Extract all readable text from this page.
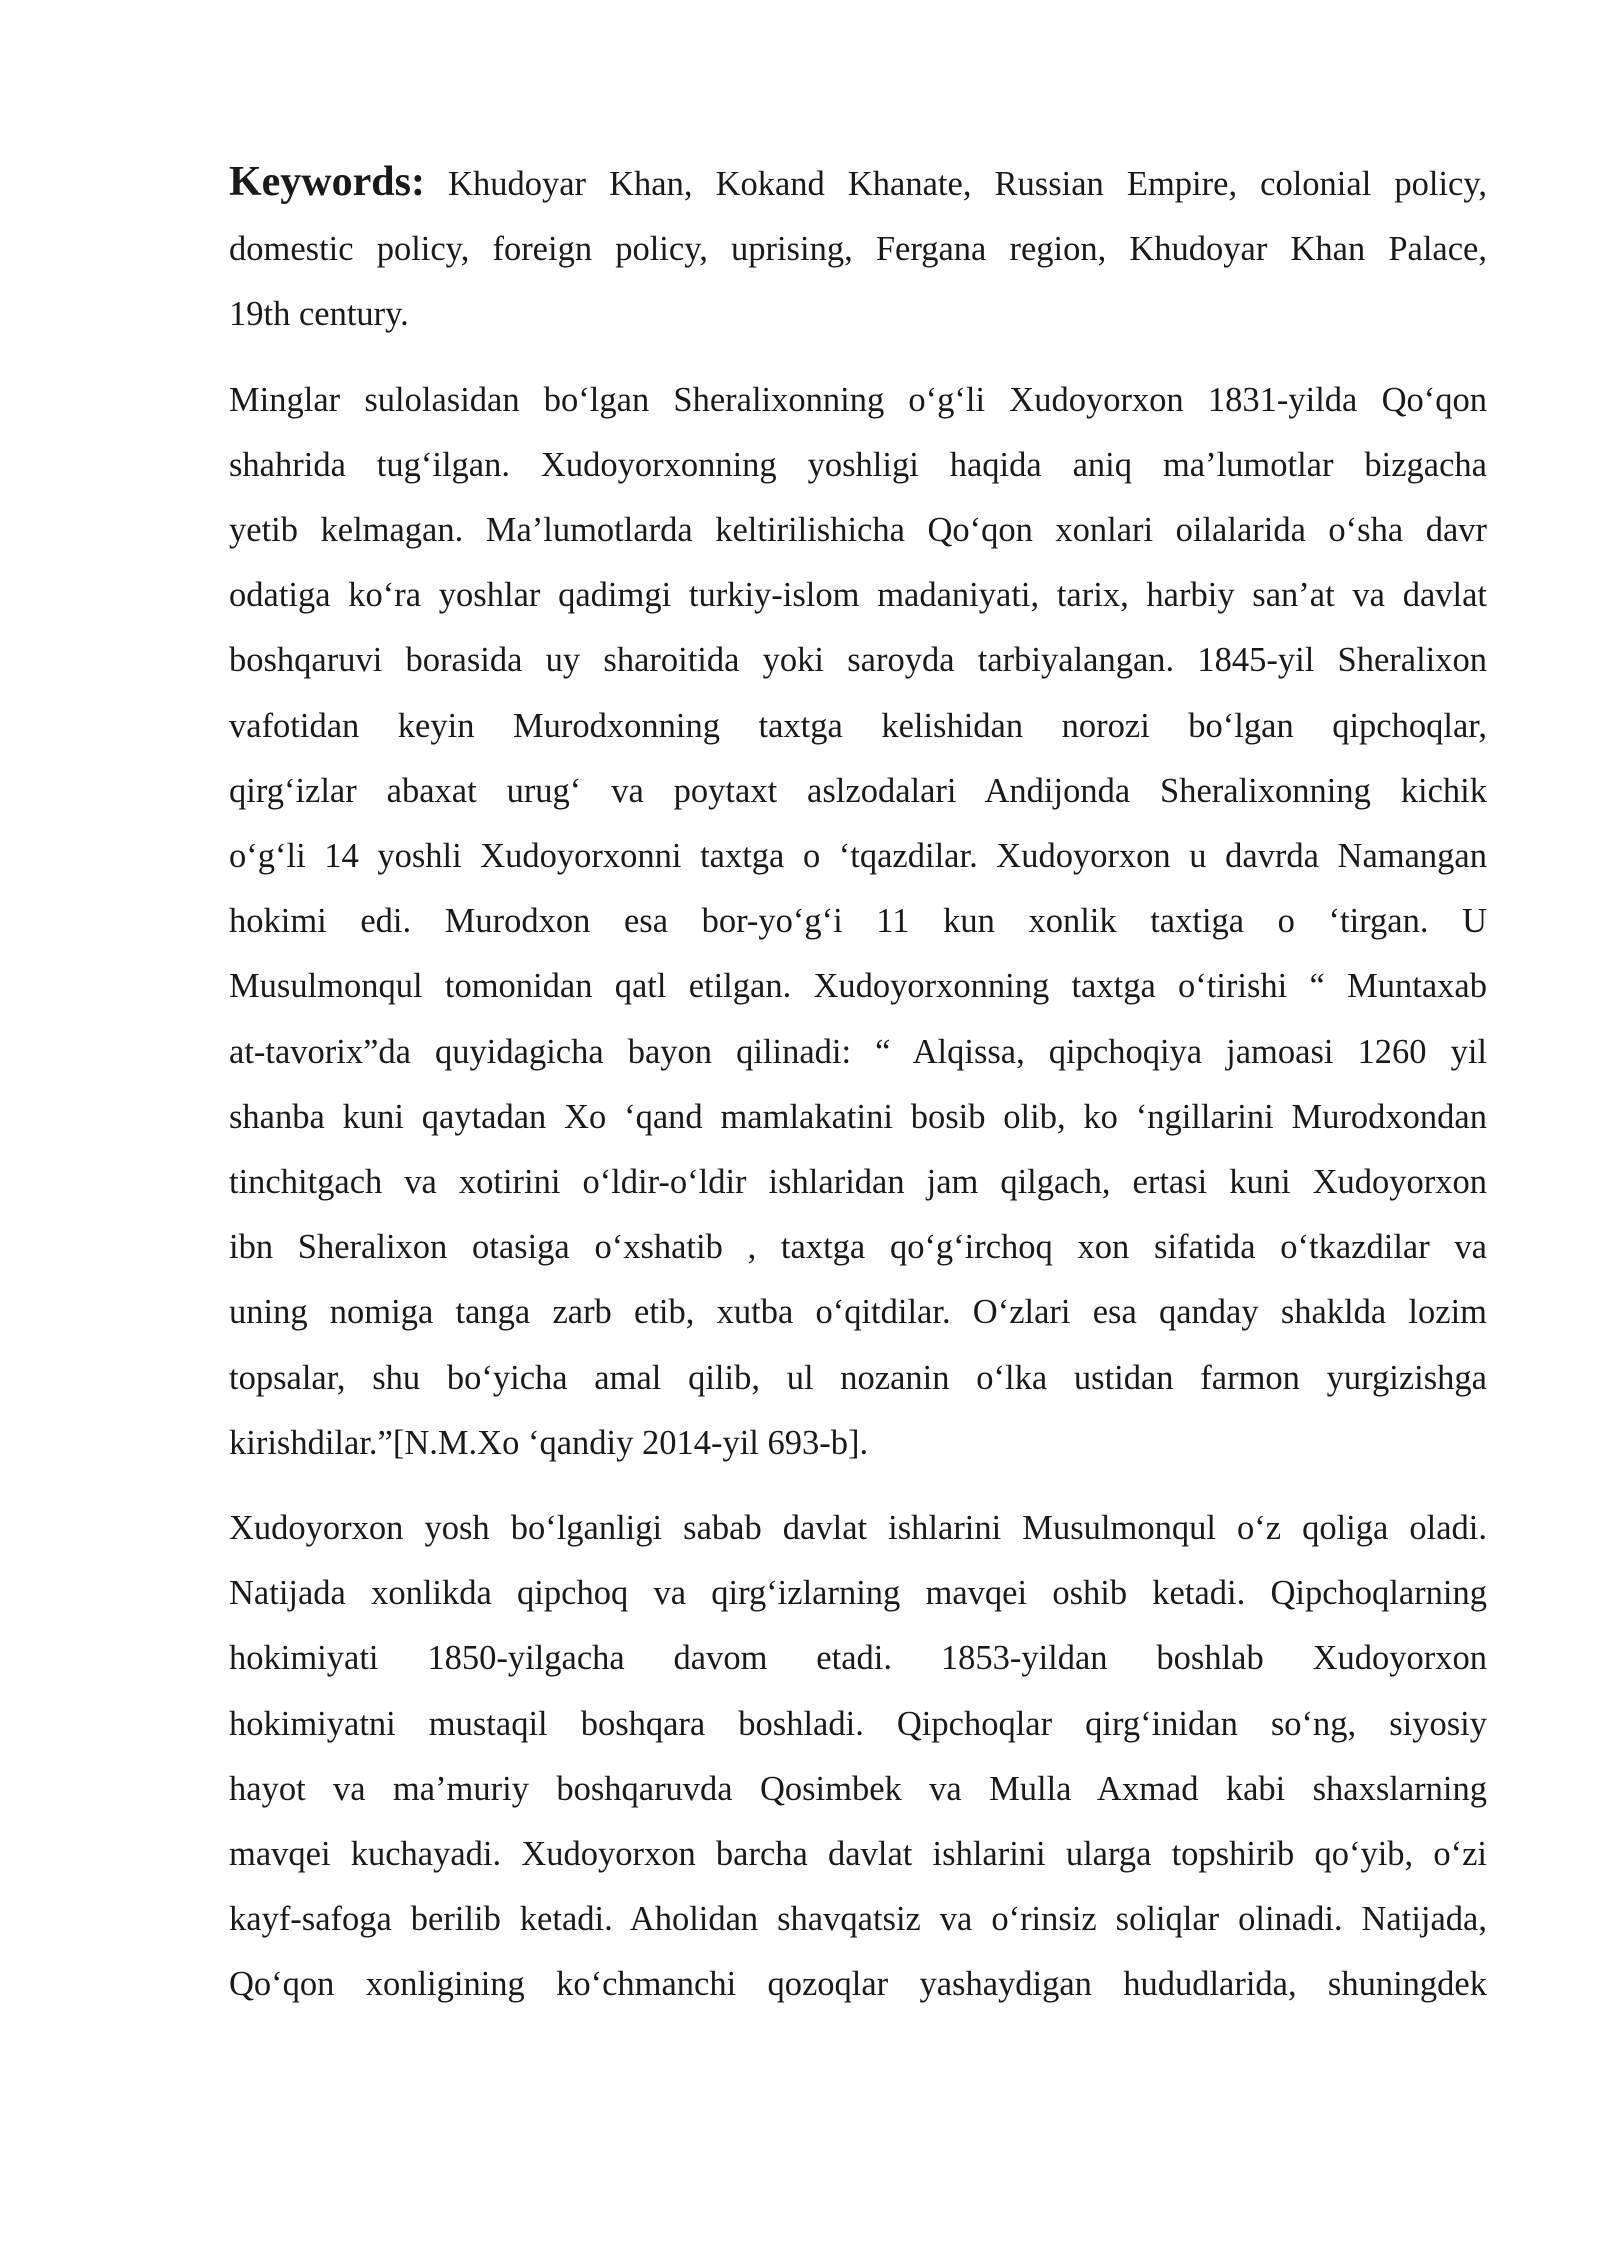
Keywords: Khudoyar Khan, Kokand Khanate, Russian Empire, colonial policy,
domestic policy, foreign policy, uprising, Fergana region, Khudoyar Khan Palace,
19th century.
Minglar sulolasidan bo‘lgan Sheralixonning o‘g‘li Xudoyorxon 1831-yilda Qo‘qon
shahrida tug‘ilgan. Xudoyorxonning yoshligi haqida aniq ma’lumotlar bizgacha
yetib kelmagan. Ma’lumotlarda keltirilishicha Qo‘qon xonlari oilalarida o‘sha davr
odatiga ko‘ra yoshlar qadimgi turkiy-islom madaniyati, tarix, harbiy san’at va davlat
boshqaruvi borasida uy sharoitida yoki saroyda tarbiyalangan. 1845-yil Sheralixon
vafotidan keyin Murodxonning taxtga kelishidan norozi bo‘lgan qipchoqlar,
qirg‘izlar abaxat urug‘ va poytaxt aslzodalari Andijonda Sheralixonning kichik
o‘g‘li 14 yoshli Xudoyorxonni taxtga o ‘tqazdilar. Xudoyorxon u davrda Namangan
hokimi edi. Murodxon esa bor-yo‘g‘i 11 kun xonlik taxtiga o ‘tirgan. U
Musulmonqul tomonidan qatl etilgan. Xudoyorxonning taxtga o‘tirishi “ Muntaxab
at-tavorix”da quyidagicha bayon qilinadi: “ Alqissa, qipchoqiya jamoasi 1260 yil
shanba kuni qaytadan Xo ‘qand mamlakatini bosib olib, ko ‘ngillarini Murodxondan
tinchitgach va xotirini o‘ldir-o‘ldir ishlaridan jam qilgach, ertasi kuni Xudoyorxon
ibn Sheralixon otasiga o‘xshatib , taxtga qo‘g‘irchoq xon sifatida o‘tkazdilar va
uning nomiga tanga zarb etib, xutba o‘qitdilar. O‘zlari esa qanday shaklda lozim
topsalar, shu bo‘yicha amal qilib, ul nozanin o‘lka ustidan farmon yurgizishga
kirishdilar.”[N.M.Xo ‘qandiy 2014-yil 693-b].
Xudoyorxon yosh bo‘lganligi sabab davlat ishlarini Musulmonqul o‘z qoliga oladi.
Natijada xonlikda qipchoq va qirg‘izlarning mavqei oshib ketadi. Qipchoqlarning
hokimiyati 1850-yilgacha davom etadi. 1853-yildan boshlab Xudoyorxon
hokimiyatni mustaqil boshqara boshladi. Qipchoqlar qirg‘inidan so‘ng, siyosiy
hayot va ma’muriy boshqaruvda Qosimbek va Mulla Axmad kabi shaxslarning
mavqei kuchayadi. Xudoyorxon barcha davlat ishlarini ularga topshirib qo‘yib, o‘zi
kayf-safoga berilib ketadi. Aholidan shavqatsiz va o‘rinsiz soliqlar olinadi. Natijada,
Qo‘qon xonligining ko‘chmanchi qozoqlar yashaydigan hududlarida, shuningdek
